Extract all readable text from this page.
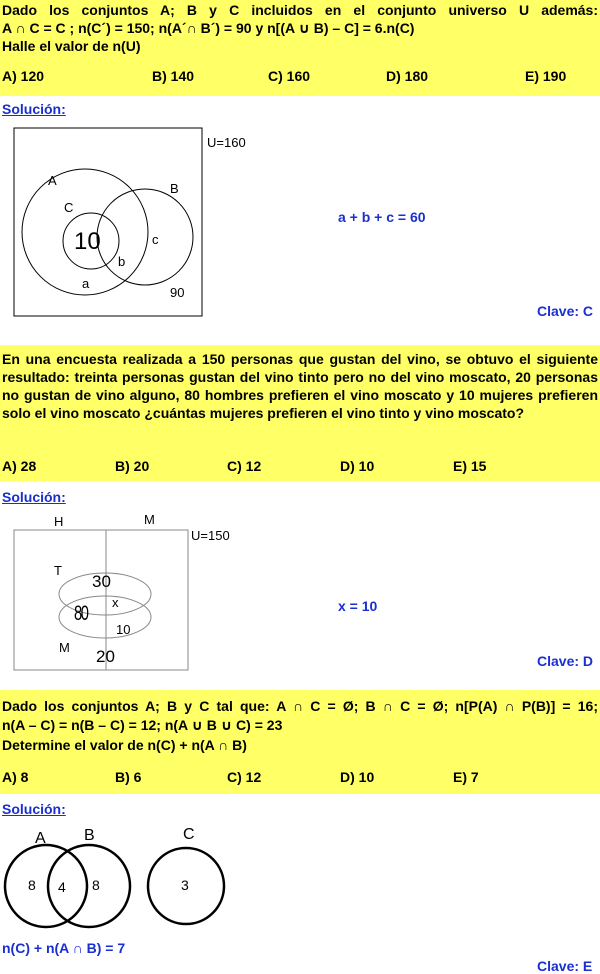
Dado los conjuntos A; B y C incluidos en el conjunto universo U además:
A ∩ C = C ; n(C´) = 150; n(A´∩ B´) = 90 y n[(A ∪ B) – C] = 6.n(C)
Halle el valor de n(U)
A) 120	B) 140	C) 160	D) 180	E) 190
Solución:
U=160
A
B
C
10	c
b
a
90
a + b + c = 60
Clave: C
En una encuesta realizada a 150 personas que gustan del vino, se obtuvo el siguiente resultado: treinta personas gustan del vino tinto pero no del vino moscato, 20 personas no gustan de vino alguno, 80 hombres prefieren el vino moscato y 10 mujeres prefieren solo el vino moscato ¿cuántas mujeres prefieren el vino tinto y vino moscato?
A) 28	B) 20	C) 12	D) 10	E) 15
Solución:
H	M
U=150
T
30
x
80
10
M 20
x = 10
Clave: D
Dado los conjuntos A; B y C tal que: A ∩ C = Ø; B ∩ C = Ø; n[P(A) ∩ P(B)] = 16;
n(A – C) = n(B – C) = 12; n(A ∪ B ∪ C) = 23
Determine el valor de n(C) + n(A ∩ B)
A) 8	B) 6	C) 12	D) 10	E) 7
Solución:
A B	C
8 4 8	3
n(C) + n(A ∩ B) = 7
Clave: E
